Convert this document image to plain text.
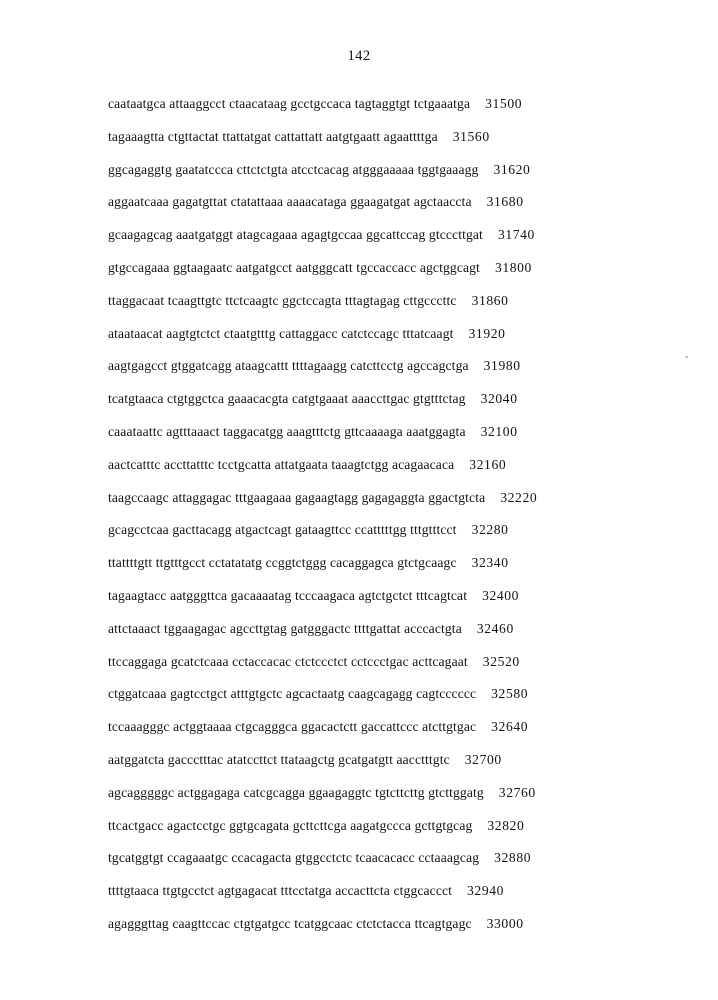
142
caataatgca attaaggcct ctaacataag gcctgccaca tagtaggtgt tctgaaatga 31500
tagaaagtta ctgttactat ttattatgat cattattatt aatgtgaatt agaattttga 31560
ggcagaggtg gaatatccca cttctctgta atcctcacag atgggaaaaa tggtgaaagg 31620
aggaatcaaa gagatgttat ctatattaaa aaaacataga ggaagatgat agctaaccta 31680
gcaagagcag aaatgatggt atagcagaaa agagtgccaa ggcattccag gtcccttgat 31740
gtgccagaaa ggtaagaatc aatgatgcct aatgggcatt tgccaccacc agctggcagt 31800
ttaggacaat tcaagttgtc ttctcaagtc ggctccagta tttagtagag cttgcccttc 31860
ataataacat aagtgtctct ctaatgtttg cattaggacc catctccagc tttatcaagt 31920
aagtgagcct gtggatcagg ataagcattt ttttagaagg catcttcctg agccagctga 31980
tcatgtaaca ctgtggctca gaaacacgta catgtgaaat aaaccttgac gtgtttctag 32040
caaataattc agtttaaact taggacatgg aaagtttctg gttcaaaaga aaatggagta 32100
aactcatttc accttatttc tcctgcatta attatgaata taaagtctgg acagaacaca 32160
taagccaagc attaggagac tttgaagaaa gagaagtagg gagagaggta ggactgtcta 32220
gcagcctcaa gacttacagg atgactcagt gataagttcc ccatttttgg tttgtttcct 32280
ttattttgtt ttgtttgcct cctatatatg ccggtctggg cacaggagca gtctgcaagc 32340
tagaagtacc aatgggttca gacaaaatag tcccaagaca agtctgctct tttcagtcat 32400
attctaaact tggaagagac agccttgtag gatgggactc ttttgattat acccactgta 32460
ttccaggaga gcatctcaaa cctaccacac ctctccctct cctccctgac acttcagaat 32520
ctggatcaaa gagtcctgct atttgtgctc agcactaatg caagcagagg cagtcccccc 32580
tccaaagggc actggtaaaa ctgcagggca ggacactctt gaccattccc atcttgtgac 32640
aatggatcta gaccctttac atatccttct ttataagctg gcatgatgtt aacctttgtc 32700
agcagggggc actggagaga catcgcagga ggaagaggtc tgtcttcttg gtcttggatg 32760
ttcactgacc agactcctgc ggtgcagata gcttcttcga aagatgccca gcttgtgcag 32820
tgcatggtgt ccagaaatgc ccacagacta gtggcctctc tcaacacacc cctaaagcag 32880
ttttgtaaca ttgtgcctct agtgagacat tttcctatga accacttcta ctggcaccct 32940
agagggttag caagttccac ctgtgatgcc tcatggcaac ctctctacca ttcagtgagc 33000
